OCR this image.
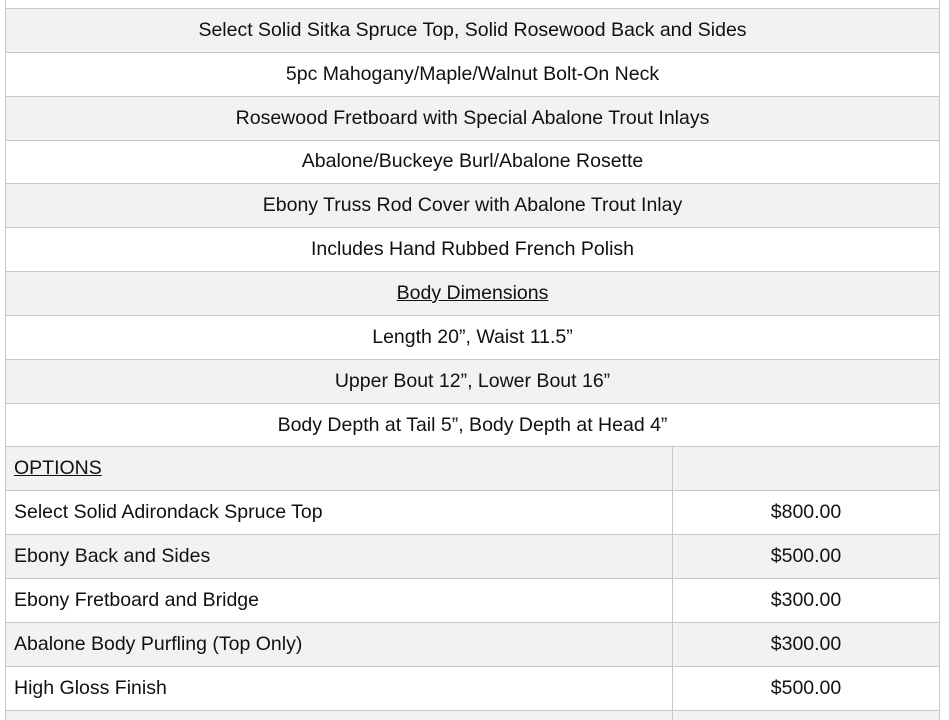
Select Solid Sitka Spruce Top, Solid Rosewood Back and Sides
5pc Mahogany/Maple/Walnut Bolt-On Neck
Rosewood Fretboard with Special Abalone Trout Inlays
Abalone/Buckeye Burl/Abalone Rosette
Ebony Truss Rod Cover with Abalone Trout Inlay
Includes Hand Rubbed French Polish
Body Dimensions
Length 20”, Waist 11.5”
Upper Bout 12”, Lower Bout 16”
Body Depth at Tail 5”, Body Depth at Head 4”
OPTIONS
Select Solid Adirondack Spruce Top	$800.00
Ebony Back and Sides	$500.00
Ebony Fretboard and Bridge	$300.00
Abalone Body Purfling (Top Only)	$300.00
High Gloss Finish	$500.00
